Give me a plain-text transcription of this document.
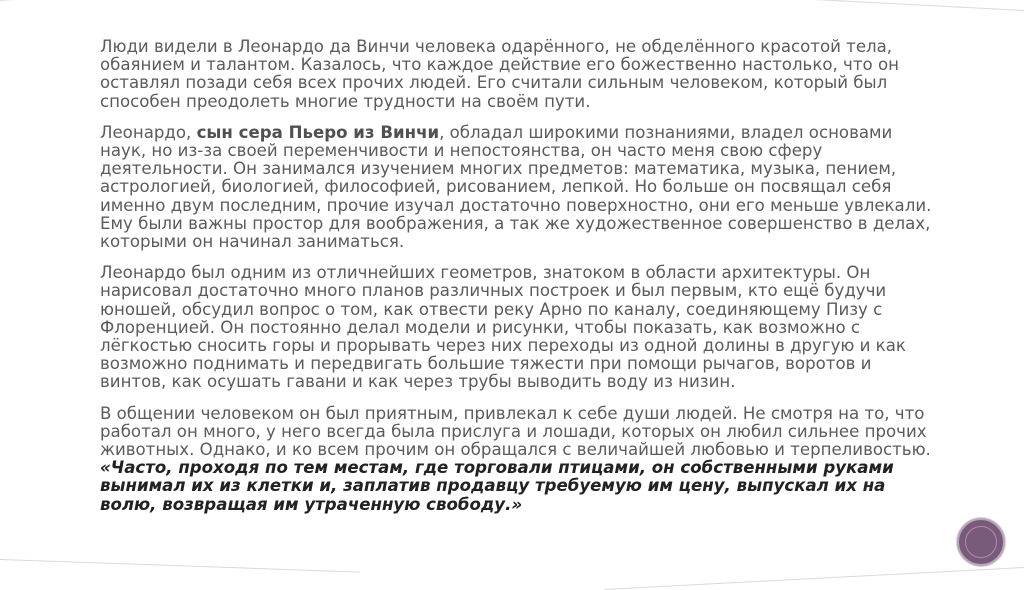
Люди видели в Леонардо да Винчи человека одарённого, не обделённого красотой тела, обаянием и талантом. Казалось, что каждое действие его божественно настолько, что он оставлял позади себя всех прочих людей. Его считали сильным человеком, который был способен преодолеть многие трудности на своём пути.

Леонардо, сын сера Пьеро из Винчи, обладал широкими познаниями, владел основами наук, но из-за своей переменчивости и непостоянства, он часто меня свою сферу деятельности. Он занимался изучением многих предметов: математика, музыка, пением, астрологией, биологией, философией, рисованием, лепкой. Но больше он посвящал себя именно двум последним, прочие изучал достаточно поверхностно, они его меньше увлекали. Ему были важны простор для воображения, а так же художественное совершенство в делах, которыми он начинал заниматься.

Леонардо был одним из отличнейших геометров, знатоком в области архитектуры. Он нарисовал достаточно много планов различных построек и был первым, кто ещё будучи юношей, обсудил вопрос о том, как отвести реку Арно по каналу, соединяющему Пизу с Флоренцией. Он постоянно делал модели и рисунки, чтобы показать, как возможно с лёгкостью сносить горы и прорывать через них переходы из одной долины в другую и как возможно поднимать и передвигать большие тяжести при помощи рычагов, воротов и винтов, как осушать гавани и как через трубы выводить воду из низин.

В общении человеком он был приятным, привлекал к себе души людей. Не смотря на то, что работал он много, у него всегда была прислуга и лошади, которых он любил сильнее прочих животных. Однако, и ко всем прочим он обращался с величайшей любовью и терпеливостью. «Часто, проходя по тем местам, где торговали птицами, он собственными руками вынимал их из клетки и, заплатив продавцу требуемую им цену, выпускал их на волю, возвращая им утраченную свободу.»
